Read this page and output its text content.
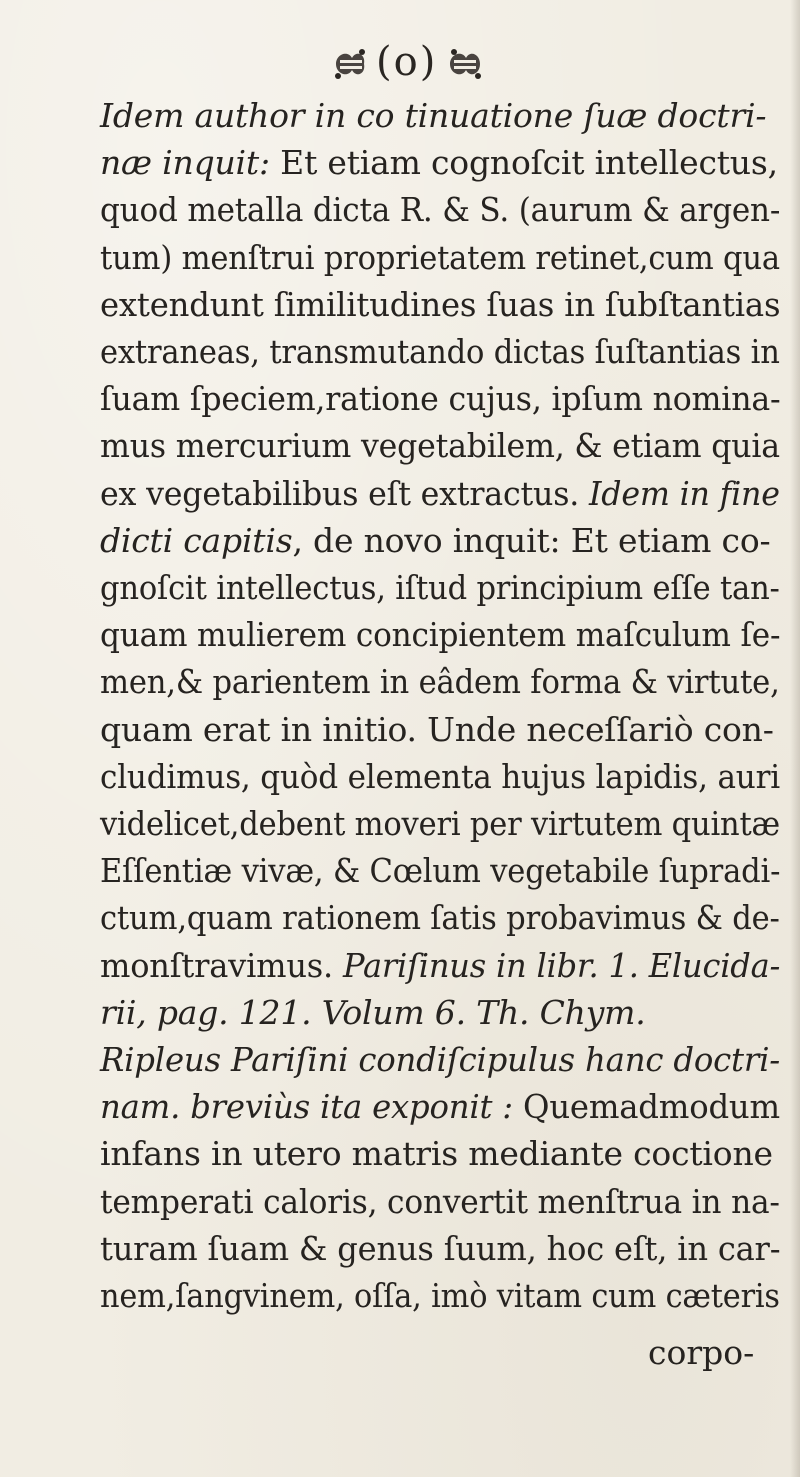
(o)
Idem author in co tinuatione ſuæ doctri-
næ inquit: Et etiam cognoſcit intellectus,
quod metalla dicta R. & S. (aurum & argen-
tum) menſtrui proprietatem retinet,cum qua
extendunt ſimilitudines ſuas in ſubſtantias
extraneas, transmutando dictas ſuſtantias in
ſuam ſpeciem,ratione cujus, ipſum nomina-
mus mercurium vegetabilem, & etiam quia
ex vegetabilibus eſt extractus. Idem in fine
dicti capitis, de novo inquit: Et etiam co-
gnoſcit intellectus, iſtud principium eſſe tan-
quam mulierem concipientem maſculum ſe-
men,& parientem in eâdem forma & virtute,
quam erat in initio. Unde neceſſariò con-
cludimus, quòd elementa hujus lapidis, auri
videlicet,debent moveri per virtutem quintæ
Eſſentiæ vivæ, & Cœlum vegetabile ſupradi-
ctum,quam rationem ſatis probavimus & de-
monſtravimus. Pariſinus in libr. 1. Elucida-
rii, pag. 121. Volum 6. Th. Chym.
Ripleus Pariſini condiſcipulus hanc doctri-
nam. breviùs ita exponit : Quemadmodum
infans in utero matris mediante coctione
temperati caloris, convertit menſtrua in na-
turam ſuam & genus ſuum, hoc eſt, in car-
nem,ſangvinem, oſſa, imò vitam cum cæteris
corpo-
